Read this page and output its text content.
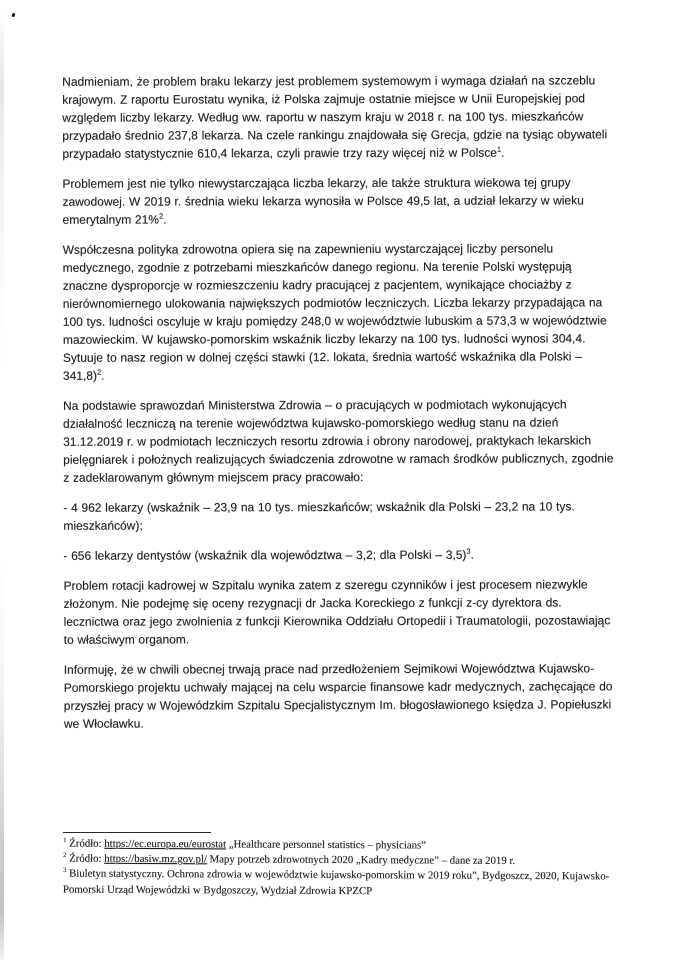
Nadmieniam, że problem braku lekarzy jest problemem systemowym i wymaga działań na szczeblu krajowym. Z raportu Eurostatu wynika, iż Polska zajmuje ostatnie miejsce w Unii Europejskiej pod względem liczby lekarzy. Według ww. raportu w naszym kraju w 2018 r. na 100 tys. mieszkańców przypadało średnio 237,8 lekarza. Na czele rankingu znajdowała się Grecja, gdzie na tysiąc obywateli przypadało statystycznie 610,4 lekarza, czyli prawie trzy razy więcej niż w Polsce$^1$.

Problemem jest nie tylko niewystarczająca liczba lekarzy, ale także struktura wiekowa tej grupy zawodowej. W 2019 r. średnia wieku lekarza wynosiła w Polsce 49,5 lat, a udział lekarzy w wieku emerytalnym 21%$^2$.

Współczesna polityka zdrowotna opiera się na zapewnieniu wystarczającej liczby personelu medycznego, zgodnie z potrzebami mieszkańców danego regionu. Na terenie Polski występują znaczne dysproporcje w rozmieszczeniu kadry pracującej z pacjentem, wynikające chociażby z nierównomiernego ulokowania największych podmiotów leczniczych. Liczba lekarzy przypadająca na 100 tys. ludności oscyluje w kraju pomiędzy 248,0 w województwie lubuskim a 573,3 w województwie mazowieckim. W kujawsko-pomorskim wskaźnik liczby lekarzy na 100 tys. ludności wynosi 304,4. Sytuuje to nasz region w dolnej części stawki (12. lokata, średnia wartość wskaźnika dla Polski – 341,8)$^2$.

Na podstawie sprawozdań Ministerstwa Zdrowia – o pracujących w podmiotach wykonujących działalność leczniczą na terenie województwa kujawsko-pomorskiego według stanu na dzień 31.12.2019 r. w podmiotach leczniczych resortu zdrowia i obrony narodowej, praktykach lekarskich pielęgniarek i położnych realizujących świadczenia zdrowotne w ramach środków publicznych, zgodnie z zadeklarowanym głównym miejscem pracy pracowało:

- 4 962 lekarzy (wskaźnik – 23,9 na 10 tys. mieszkańców; wskaźnik dla Polski – 23,2 na 10 tys. mieszkańców);

- 656 lekarzy dentystów (wskaźnik dla województwa – 3,2; dla Polski – 3,5)$^3$.

Problem rotacji kadrowej w Szpitalu wynika zatem z szeregu czynników i jest procesem niezwykle złożonym. Nie podejmę się oceny rezygnacji dr Jacka Koreckiego z funkcji z-cy dyrektora ds. lecznictwa oraz jego zwolnienia z funkcji Kierownika Oddziału Ortopedii i Traumatologii, pozostawiając to właściwym organom.

Informuję, że w chwili obecnej trwają prace nad przedłożeniem Sejmikowi Województwa Kujawsko-Pomorskiego projektu uchwały mającej na celu wsparcie finansowe kadr medycznych, zachęcające do przyszłej pracy w Wojewódzkim Szpitalu Specjalistycznym Im. błogosławionego księdza J. Popiełuszki we Włocławku.

$^1$ Źródło: https://ec.europa.eu/eurostat „Healthcare personnel statistics – physicians”
$^2$ Źródło: https://basiw.mz.gov.pl/ Mapy potrzeb zdrowotnych 2020 „Kadry medyczne” – dane za 2019 r.
$^3$ Biuletyn statystyczny. Ochrona zdrowia w województwie kujawsko-pomorskim w 2019 roku”, Bydgoszcz, 2020, Kujawsko-Pomorski Urząd Wojewódzki w Bydgoszczy, Wydział Zdrowia KPZCP
